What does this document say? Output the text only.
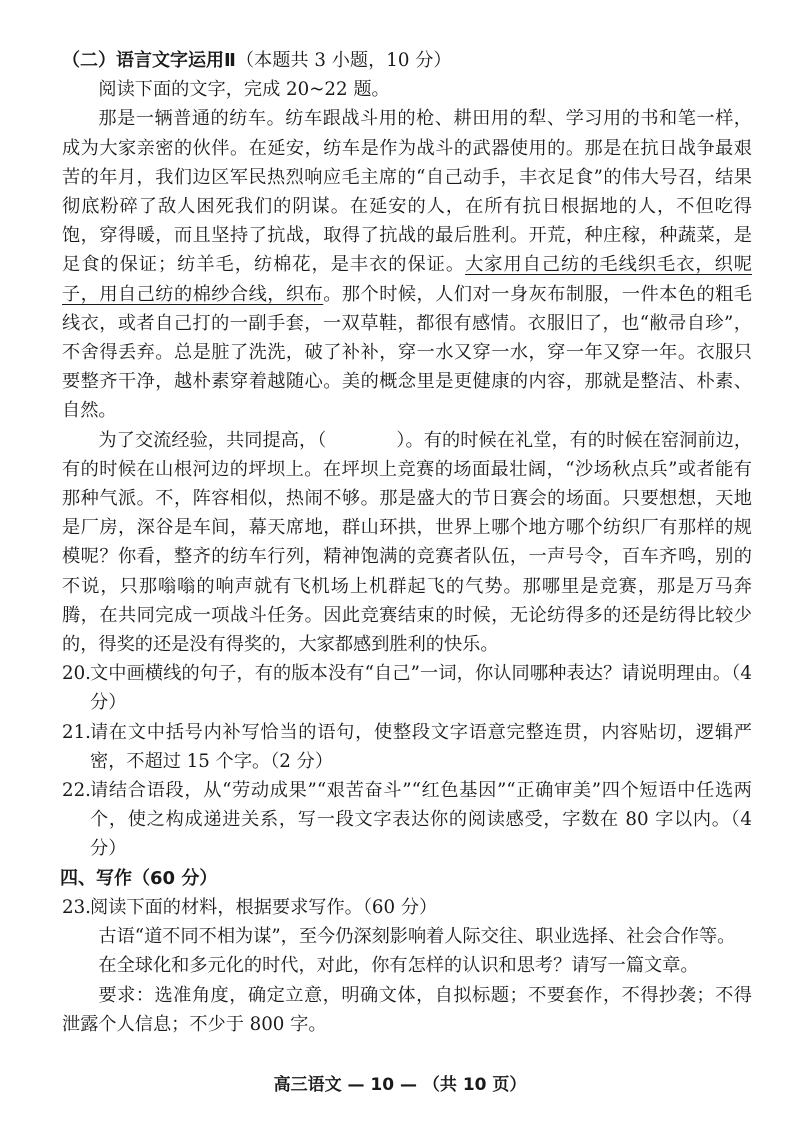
（二）语言文字运用Ⅱ（本题共 3 小题，10 分）

阅读下面的文字，完成 20~22 题。

那是一辆普通的纺车。纺车跟战斗用的枪、耕田用的犁、学习用的书和笔一样，成为大家亲密的伙伴。在延安，纺车是作为战斗的武器使用的。那是在抗日战争最艰苦的年月，我们边区军民热烈响应毛主席的“自己动手，丰衣足食”的伟大号召，结果彻底粉碎了敌人困死我们的阴谋。在延安的人，在所有抗日根据地的人，不但吃得饱，穿得暖，而且坚持了抗战，取得了抗战的最后胜利。开荒，种庄稼，种蔬菜，是足食的保证；纺羊毛，纺棉花，是丰衣的保证。大家用自己纺的毛线织毛衣，织呢子，用自己纺的棉纱合线，织布。那个时候，人们对一身灰布制服，一件本色的粗毛线衣，或者自己打的一副手套，一双草鞋，都很有感情。衣服旧了，也“敝帚自珍”，不舍得丢弃。总是脏了洗洗，破了补补，穿一水又穿一水，穿一年又穿一年。衣服只要整齐干净，越朴素穿着越随心。美的概念里是更健康的内容，那就是整洁、朴素、自然。

为了交流经验，共同提高，（	）。有的时候在礼堂，有的时候在窑洞前边，有的时候在山根河边的坪坝上。在坪坝上竞赛的场面最壮阔，“沙场秋点兵”或者能有那种气派。不，阵容相似，热闹不够。那是盛大的节日赛会的场面。只要想想，天地是厂房，深谷是车间，幕天席地，群山环拱，世界上哪个地方哪个纺织厂有那样的规模呢？你看，整齐的纺车行列，精神饱满的竞赛者队伍，一声号令，百车齐鸣，别的不说，只那嗡嗡的响声就有飞机场上机群起飞的气势。那哪里是竞赛，那是万马奔腾，在共同完成一项战斗任务。因此竞赛结束的时候，无论纺得多的还是纺得比较少的，得奖的还是没有得奖的，大家都感到胜利的快乐。

20. 文中画横线的句子，有的版本没有“自己”一词，你认同哪种表达？请说明理由。（4 分）
21. 请在文中括号内补写恰当的语句，使整段文字语意完整连贯，内容贴切，逻辑严密，不超过 15 个字。（2 分）
22. 请结合语段，从“劳动成果”“艰苦奋斗”“红色基因”“正确审美”四个短语中任选两个，使之构成递进关系，写一段文字表达你的阅读感受，字数在 80 字以内。（4 分）
四、写作（60 分）
23. 阅读下面的材料，根据要求写作。（60 分）

古语“道不同不相为谋”，至今仍深刻影响着人际交往、职业选择、社会合作等。

在全球化和多元化的时代，对此，你有怎样的认识和思考？请写一篇文章。

要求：选准角度，确定立意，明确文体，自拟标题；不要套作，不得抄袭；不得泄露个人信息；不少于 800 字。

高三语文 — 10 — （共 10 页）
